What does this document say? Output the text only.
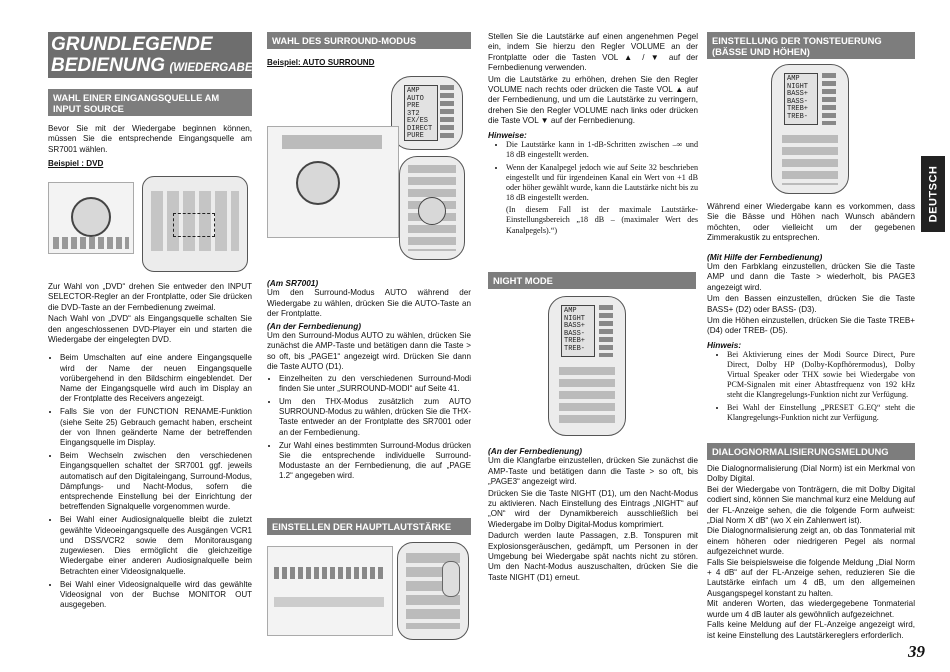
GRUNDLEGENDE
BEDIENUNG (WIEDERGABE)
WAHL EINER EINGANGSQUELLE AM INPUT SOURCE

Bevor Sie mit der Wiedergabe beginnen können, müssen Sie die entsprechende Eingangsquelle am SR7001 wählen.

Beispiel : DVD

Zur Wahl von „DVD“ drehen Sie entweder den INPUT SELECTOR-Regler an der Frontplatte, oder Sie drücken die DVD-Taste an der Fernbedienung zweimal.

Nach Wahl von „DVD“ als Eingangsquelle schalten Sie den angeschlossenen DVD-Player ein und starten die Wiedergabe der eingelegten DVD.

• Beim Umschalten auf eine andere Eingangsquelle wird der Name der neuen Eingangsquelle vorübergehend in den Bildschirm eingeblendet. Der Name der Eingangsquelle wird auch im Display an der Frontplatte des Receivers angezeigt.
• Falls Sie von der FUNCTION RENAME-Funktion (siehe Seite 25) Gebrauch gemacht haben, erscheint der von Ihnen geänderte Name der betreffenden Eingangsquelle im Display.
• Beim Wechseln zwischen den verschiedenen Eingangsquellen schaltet der SR7001 ggf. jeweils automatisch auf den Digitaleingang, Surround-Modus, Dämpfungs- und Nacht-Modus, sofern die entsprechende Einstellung bei der Einrichtung der betreffenden Signalquelle vorgenommen wurde.
• Bei Wahl einer Audiosignalquelle bleibt die zuletzt gewählte Videoeingangsquelle des Ausgängen VCR1 und DSS/VCR2 sowie dem Monitorausgang zugewiesen. Dies ermöglicht die gleichzeitige Wiedergabe einer anderen Audiosignalquelle beim Betrachten einer Videosignalquelle.
• Bei Wahl einer Videosignalquelle wird das gewählte Videosignal von der Buchse MONITOR OUT ausgegeben.
WAHL DES SURROUND-MODUS
Beispiel: AUTO SURROUND
AMP
AUTO
PRE
3T2
EX/ES
DIRECT
PURE

(Am SR7001)

Um den Surround-Modus AUTO während der Wiedergabe zu wählen, drücken Sie die AUTO-Taste an der Frontplatte.

(An der Fernbedienung)

Um den Surround-Modus AUTO zu wählen, drücken Sie zunächst die AMP-Taste und betätigen dann die Taste > so oft, bis „PAGE1“ angezeigt wird. Drücken Sie dann die Taste AUTO (D1).

• Einzelheiten zu den verschiedenen Surround-Modi finden Sie unter „SURROUND-MODI“ auf Seite 41.
• Um den THX-Modus zusätzlich zum AUTO SURROUND-Modus zu wählen, drücken Sie die THX-Taste entweder an der Frontplatte des SR7001 oder an der Fernbedienung.
• Zur Wahl eines bestimmten Surround-Modus drücken Sie die entsprechende individuelle Surround-Modustaste an der Fernbedienung, die auf „PAGE 1.2“ angegeben wird.
EINSTELLEN DER HAUPTLAUTSTÄRKE

Stellen Sie die Lautstärke auf einen angenehmen Pegel ein, indem Sie hierzu den Regler VOLUME an der Frontplatte oder die Tasten VOL ▲ / ▼ auf der Fernbedienung verwenden.

Um die Lautstärke zu erhöhen, drehen Sie den Regler VOLUME nach rechts oder drücken die Taste VOL ▲ auf der Fernbedienung, und um die Lautstärke zu verringern, drehen Sie den Regler VOLUME nach links oder drücken die Taste VOL ▼ auf der Fernbedienung.

Hinweise:

• Die Lautstärke kann in 1-dB-Schritten zwischen –∞ und 18 dB eingestellt werden.
• Wenn der Kanalpegel jedoch wie auf Seite 32 beschrieben eingestellt und für irgendeinen Kanal ein Wert von +1 dB oder höher gewählt wurde, kann die Lautstärke nicht bis zu 18 dB eingestellt werden.

(In diesem Fall ist der maximale Lautstärke-Einstellungsbereich „18 dB – (maximaler Wert des Kanalpegels).“)

NIGHT MODE
AMP
NIGHT
BASS+
BASS-
TREB+
TREB-

(An der Fernbedienung)

Um die Klangfarbe einzustellen, drücken Sie zunächst die AMP-Taste und betätigen dann die Taste > so oft, bis „PAGE3“ angezeigt wird.

Drücken Sie die Taste NIGHT (D1), um den Nacht-Modus zu aktivieren. Nach Einstellung des Eintrags „NIGHT“ auf „ON“ wird der Dynamikbereich ausschließlich bei Wiedergabe im Dolby Digital-Modus komprimiert.

Dadurch werden laute Passagen, z.B. Tonspuren mit Explosionsgeräuschen, gedämpft, um Personen in der Umgebung bei Wiedergabe spät nachts nicht zu stören. Um den Nacht-Modus auszuschalten, drücken Sie die Taste NIGHT (D1) erneut.

EINSTELLUNG DER TONSTEUERUNG (BÄSSE UND HÖHEN)
AMP
NIGHT
BASS+
BASS-
TREB+
TREB-

Während einer Wiedergabe kann es vorkommen, dass Sie die Bässe und Höhen nach Wunsch abändern möchten, oder vielleicht um der gegebenen Zimmerakustik zu entsprechen.

(Mit Hilfe der Fernbedienung)

Um den Farbklang einzustellen, drücken Sie die Taste AMP und dann die Taste > wiederholt, bis PAGE3 angezeigt wird.

Um den Bassen einzustellen, drücken Sie die Taste BASS+ (D2) oder BASS- (D3).

Um die Höhen einzustellen, drücken Sie die Taste TREB+ (D4) oder TREB- (D5).

Hinweis:

• Bei Aktivierung eines der Modi Source Direct, Pure Direct, Dolby HP (Dolby-Kopfhörermodus), Dolby Virtual Speaker oder THX sowie bei Wiedergabe von PCM-Signalen mit einer Abtastfrequenz von 192 kHz steht die Klangregelungs-Funktion nicht zur Verfügung.
• Bei Wahl der Einstellung „PRESET G.EQ“ steht die Klangregelungs-Funktion nicht zur Verfügung.
DIALOGNORMALISIERUNGSMELDUNG

Die Dialognormalisierung (Dial Norm) ist ein Merkmal von Dolby Digital.
Bei der Wiedergabe von Tonträgern, die mit Dolby Digital codiert sind, können Sie manchmal kurz eine Meldung auf der FL-Anzeige sehen, die die folgende Form aufweist: „Dial Norm X dB“ (wo X ein Zahlenwert ist).
Die Dialognormalisierung zeigt an, ob das Tonmaterial mit einem höheren oder niedrigeren Pegel als normal aufgezeichnet wurde.
Falls Sie beispielsweise die folgende Meldung „Dial Norm + 4 dB“ auf der FL-Anzeige sehen, reduzieren Sie die Lautstärke einfach um 4 dB, um den allgemeinen Ausgangspegel konstant zu halten.
Mit anderen Worten, das wiedergegebene Tonmaterial wurde um 4 dB lauter als gewöhnlich aufgezeichnet.
Falls keine Meldung auf der FL-Anzeige angezeigt wird, ist keine Einstellung des Lautstärkereglers erforderlich.

DEUTSCH
39
